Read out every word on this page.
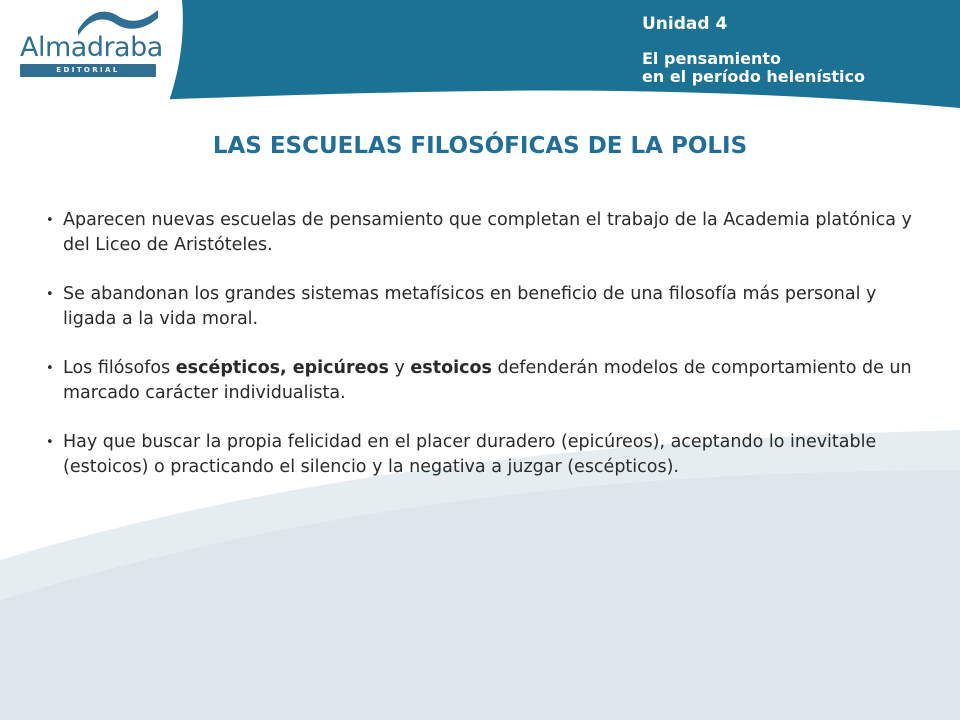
Almadraba
EDITORIAL
Unidad 4
El pensamiento
en el período helenístico
LAS ESCUELAS FILOSÓFICAS DE LA POLIS
• Aparecen nuevas escuelas de pensamiento que completan el trabajo de la Academia platónica y del Liceo de Aristóteles.
• Se abandonan los grandes sistemas metafísicos en beneficio de una filosofía más personal y ligada a la vida moral.
• Los filósofos escépticos, epicúreos y estoicos defenderán modelos de comportamiento de un marcado carácter individualista.
• Hay que buscar la propia felicidad en el placer duradero (epicúreos), aceptando lo inevitable (estoicos) o practicando el silencio y la negativa a juzgar (escépticos).
